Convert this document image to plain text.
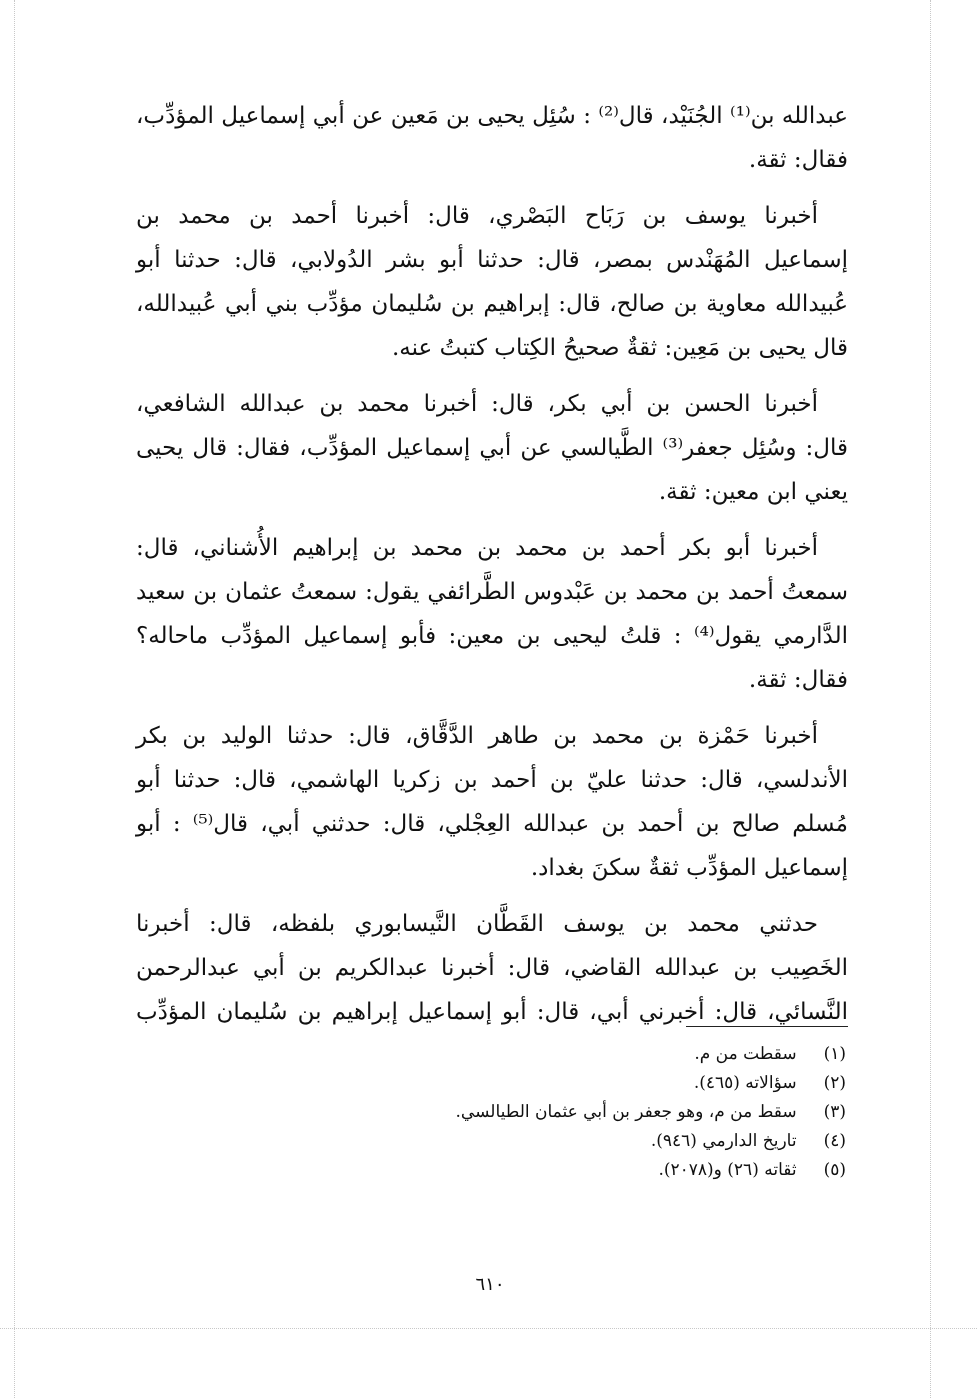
عبدالله بن⁽¹⁾ الجُنَيْد، قال⁽²⁾ : سُئِل يحيى بن مَعين عن أبي إسماعيل المؤدِّب،
فقال: ثقة.

أخبرنا يوسف بن رَبَاح البَصْري، قال: أخبرنا أحمد بن محمد بن
إسماعيل المُهَنْدس بمصر، قال: حدثنا أبو بشر الدُولابي، قال: حدثنا أبو
عُبيدالله معاوية بن صالح، قال: إبراهيم بن سُليمان مؤدِّب بني أبي عُبيدالله،
قال يحيى بن مَعِين: ثقةٌ صحيحُ الكِتاب كتبتُ عنه.

أخبرنا الحسن بن أبي بكر، قال: أخبرنا محمد بن عبدالله الشافعي،
قال: وسُئِل جعفر⁽³⁾ الطَّيالسي عن أبي إسماعيل المؤدِّب، فقال: قال يحيى
يعني ابن معين: ثقة.

أخبرنا أبو بكر أحمد بن محمد بن محمد بن إبراهيم الأُشناني، قال:
سمعتُ أحمد بن محمد بن عَبْدوس الطَّرائفي يقول: سمعتُ عثمان بن سعيد
الدَّارمي يقول⁽⁴⁾ : قلتُ ليحيى بن معين: فأبو إسماعيل المؤدِّب ماحاله؟
فقال: ثقة.

أخبرنا حَمْزة بن محمد بن طاهر الدَّقَّاق، قال: حدثنا الوليد بن بكر
الأندلسي، قال: حدثنا عليّ بن أحمد بن زكريا الهاشمي، قال: حدثنا أبو
مُسلم صالح بن أحمد بن عبدالله العِجْلي، قال: حدثني أبي، قال⁽⁵⁾ : أبو
إسماعيل المؤدِّب ثقةٌ سكنَ بغداد.

حدثني محمد بن يوسف القَطَّان النَّيسابوري بلفظه، قال: أخبرنا
الخَصِيب بن عبدالله القاضي، قال: أخبرنا عبدالكريم بن أبي عبدالرحمن
النَّسائي، قال: أخبرني أبي، قال: أبو إسماعيل إبراهيم بن سُليمان المؤدِّب

(١) سقطت من م.
(٢) سؤالاته (٤٦٥).
(٣) سقط من م، وهو جعفر بن أبي عثمان الطيالسي.
(٤) تاريخ الدارمي (٩٤٦).
(٥) ثقاته (٢٦) و(٢٠٧٨).
٦١٠
